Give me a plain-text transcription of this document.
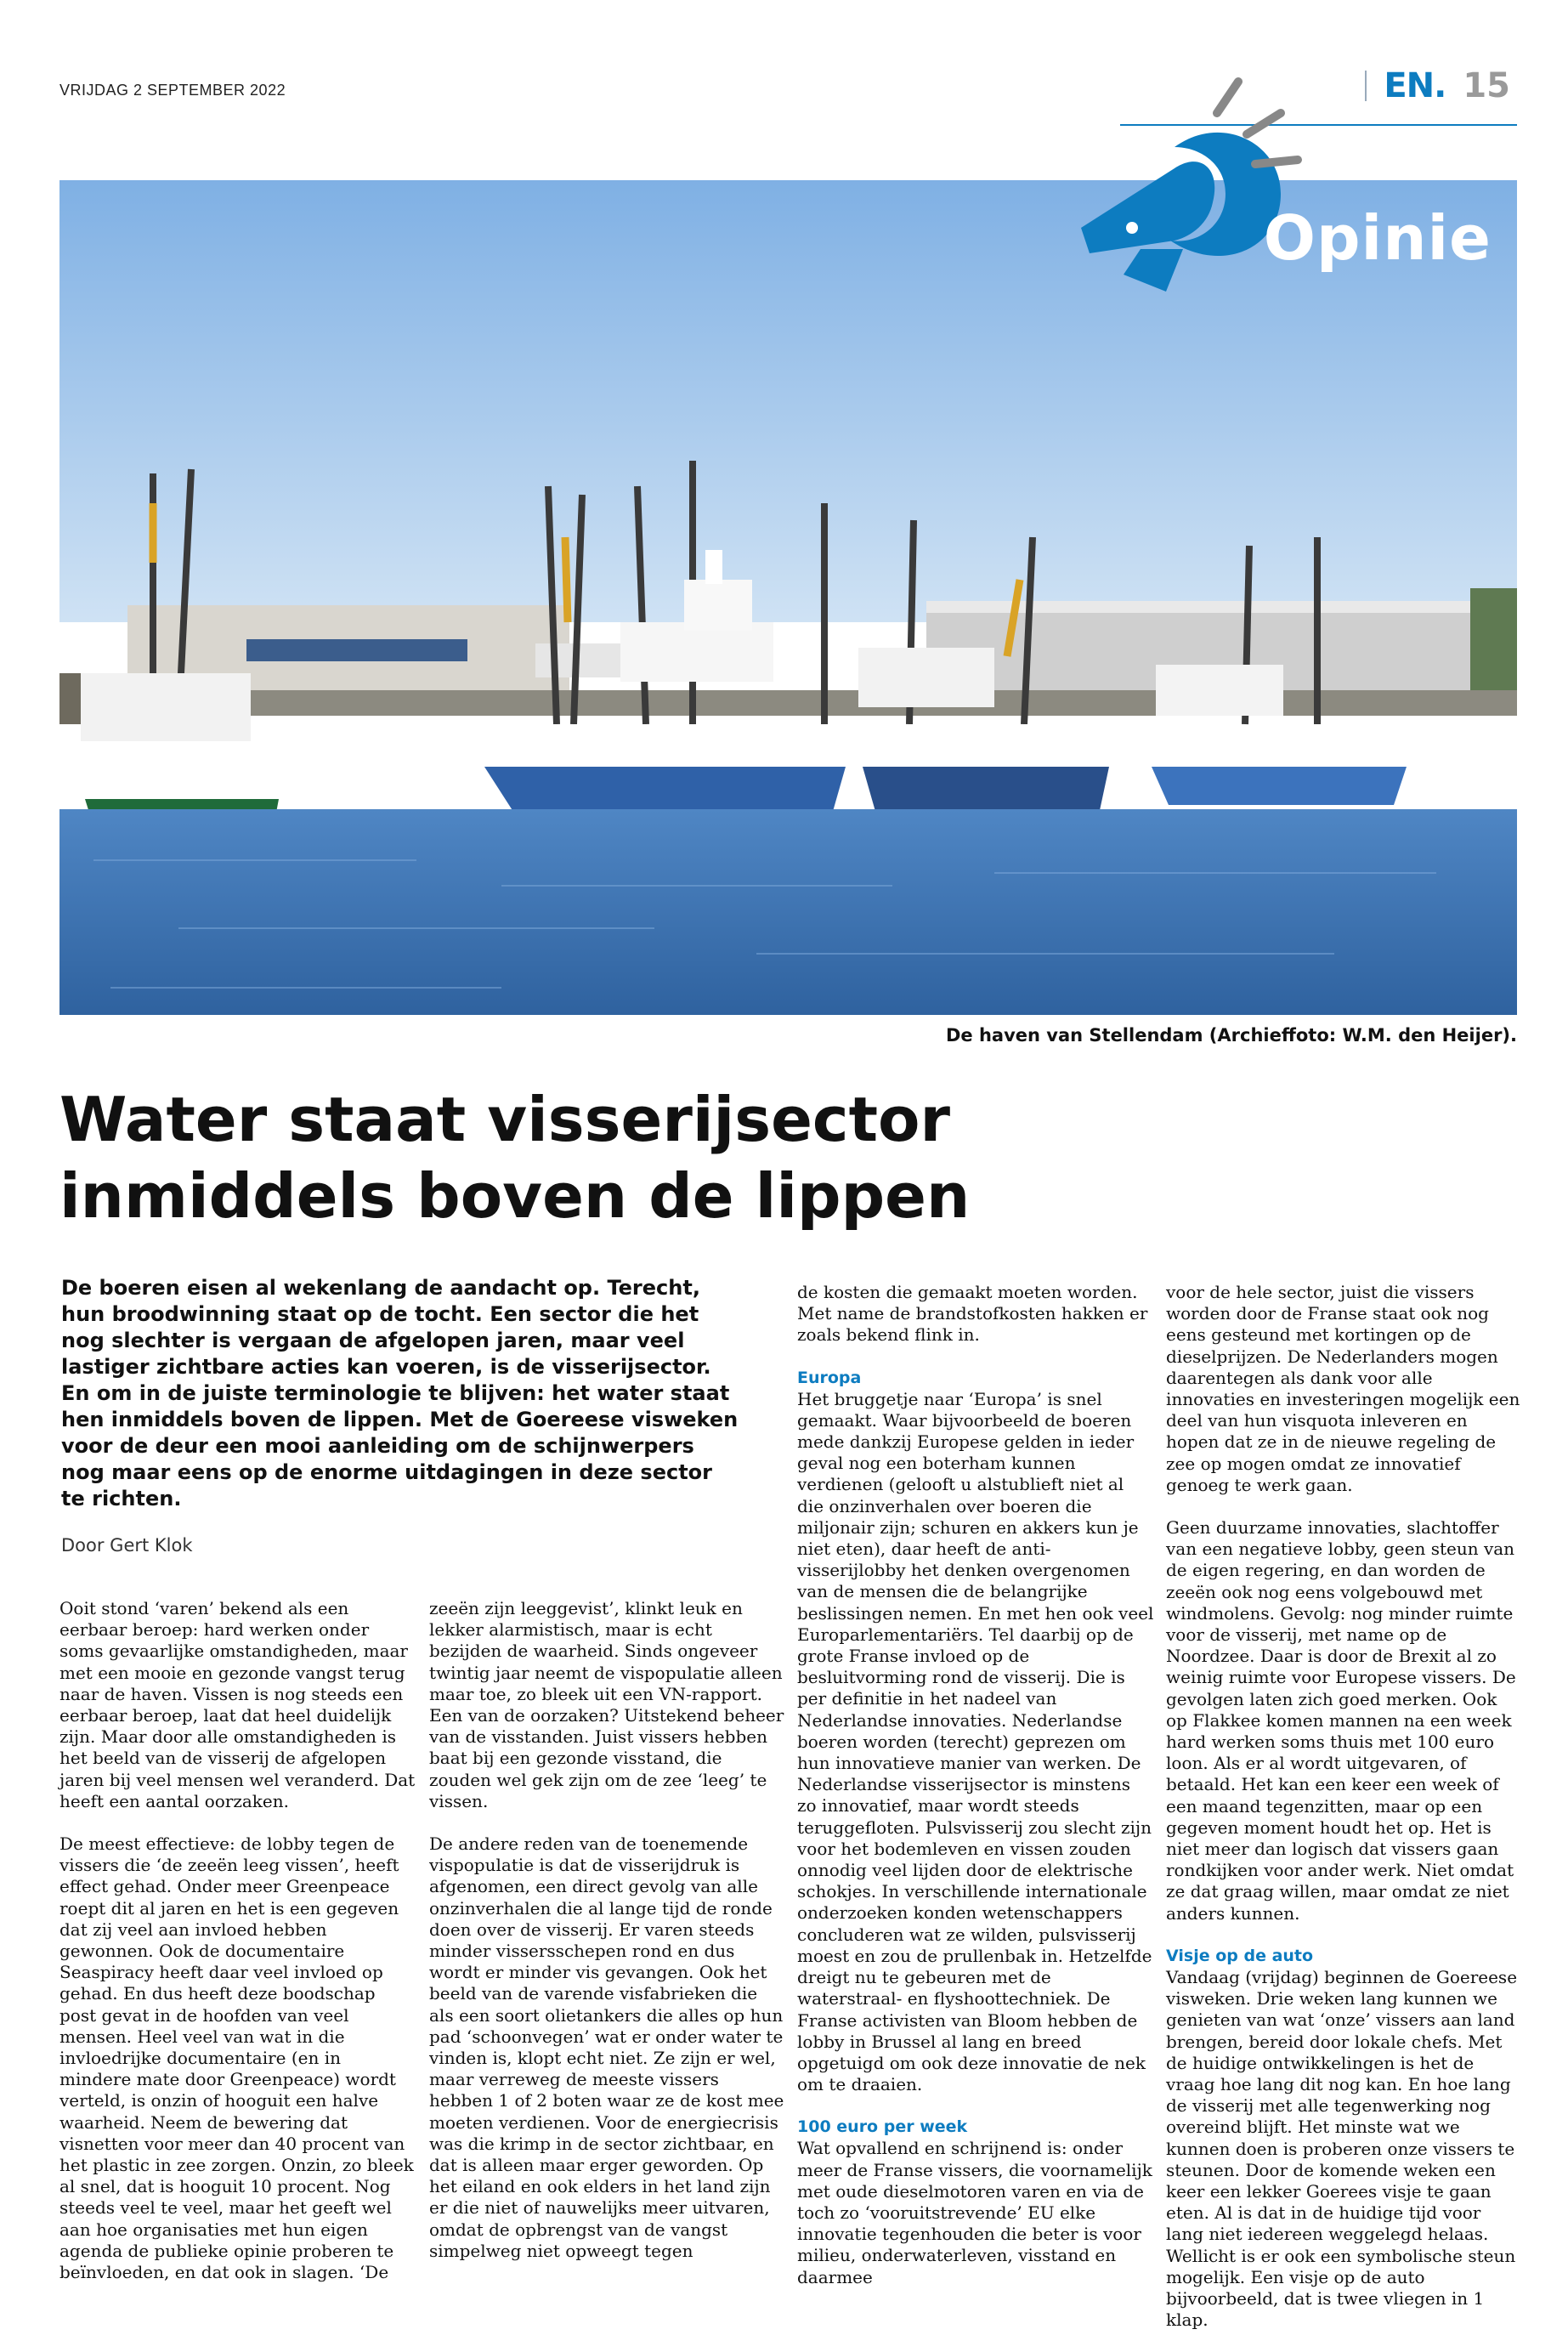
VRIJDAG 2 SEPTEMBER 2022	EN. 15
Opinie
De haven van Stellendam (Archieffoto: W.M. den Heijer).
Water staat visserijsector
inmiddels boven de lippen

De boeren eisen al wekenlang de aandacht op. Terecht, hun broodwinning staat op de tocht. Een sector die het nog slechter is vergaan de afgelopen jaren, maar veel lastiger zichtbare acties kan voeren, is de visserijsector. En om in de juiste terminologie te blijven: het water staat hen inmiddels boven de lippen. Met de Goereese visweken voor de deur een mooi aanleiding om de schijnwerpers nog maar eens op de enorme uitdagingen in deze sector te richten.

Door Gert Klok

Ooit stond ‘varen’ bekend als een eerbaar beroep: hard werken onder soms gevaarlijke omstandigheden, maar met een mooie en gezonde vangst terug naar de haven. Vissen is nog steeds een eerbaar beroep, laat dat heel duidelijk zijn. Maar door alle omstandigheden is het beeld van de visserij de afgelopen jaren bij veel mensen wel veranderd. Dat heeft een aantal oorzaken.

De meest effectieve: de lobby tegen de vissers die ‘de zeeën leeg vissen’, heeft effect gehad. Onder meer Greenpeace roept dit al jaren en het is een gegeven dat zij veel aan invloed hebben gewonnen. Ook de documentaire Seaspiracy heeft daar veel invloed op gehad. En dus heeft deze boodschap post gevat in de hoofden van veel mensen. Heel veel van wat in die invloedrijke documentaire (en in mindere mate door Greenpeace) wordt verteld, is onzin of hooguit een halve waarheid. Neem de bewering dat visnetten voor meer dan 40 procent van het plastic in zee zorgen. Onzin, zo bleek al snel, dat is hooguit 10 procent. Nog steeds veel te veel, maar het geeft wel aan hoe organisaties met hun eigen agenda de publieke opinie proberen te beïnvloeden, en dat ook in slagen. ‘De

zeeën zijn leeggevist’, klinkt leuk en lekker alarmistisch, maar is echt bezijden de waarheid. Sinds ongeveer twintig jaar neemt de vispopulatie alleen maar toe, zo bleek uit een VN-rapport. Een van de oorzaken? Uitstekend beheer van de visstanden. Juist vissers hebben baat bij een gezonde visstand, die zouden wel gek zijn om de zee ‘leeg’ te vissen.

De andere reden van de toenemende vispopulatie is dat de visserijdruk is afgenomen, een direct gevolg van alle onzinverhalen die al lange tijd de ronde doen over de visserij. Er varen steeds minder vissersschepen rond en dus wordt er minder vis gevangen. Ook het beeld van de varende visfabrieken die als een soort olietankers die alles op hun pad ‘schoonvegen’ wat er onder water te vinden is, klopt echt niet. Ze zijn er wel, maar verreweg de meeste vissers hebben 1 of 2 boten waar ze de kost mee moeten verdienen. Voor de energiecrisis was die krimp in de sector zichtbaar, en dat is alleen maar erger geworden. Op het eiland en ook elders in het land zijn er die niet of nauwelijks meer uitvaren, omdat de opbrengst van de vangst simpelweg niet opweegt tegen

de kosten die gemaakt moeten worden. Met name de brandstofkosten hakken er zoals bekend flink in.

Europa

Het bruggetje naar ‘Europa’ is snel gemaakt. Waar bijvoorbeeld de boeren mede dankzij Europese gelden in ieder geval nog een boterham kunnen verdienen (gelooft u alstublieft niet al die onzinverhalen over boeren die miljonair zijn; schuren en akkers kun je niet eten), daar heeft de anti-visserijlobby het denken overgenomen van de mensen die de belangrijke beslissingen nemen. En met hen ook veel Europarlementariërs. Tel daarbij op de grote Franse invloed op de besluitvorming rond de visserij. Die is per definitie in het nadeel van Nederlandse innovaties. Nederlandse boeren worden (terecht) geprezen om hun innovatieve manier van werken. De Nederlandse visserijsector is minstens zo innovatief, maar wordt steeds teruggefloten. Pulsvisserij zou slecht zijn voor het bodemleven en vissen zouden onnodig veel lijden door de elektrische schokjes. In verschillende internationale onderzoeken konden wetenschappers concluderen wat ze wilden, pulsvisserij moest en zou de prullenbak in. Hetzelfde dreigt nu te gebeuren met de waterstraal- en flyshoottechniek. De Franse activisten van Bloom hebben de lobby in Brussel al lang en breed opgetuigd om ook deze innovatie de nek om te draaien.

100 euro per week

Wat opvallend en schrijnend is: onder meer de Franse vissers, die voornamelijk met oude dieselmotoren varen en via de toch zo ‘vooruitstrevende’ EU elke innovatie tegenhouden die beter is voor milieu, onderwaterleven, visstand en daarmee

voor de hele sector, juist die vissers worden door de Franse staat ook nog eens gesteund met kortingen op de dieselprijzen. De Nederlanders mogen daarentegen als dank voor alle innovaties en investeringen mogelijk een deel van hun visquota inleveren en hopen dat ze in de nieuwe regeling de zee op mogen omdat ze innovatief genoeg te werk gaan.

Geen duurzame innovaties, slachtoffer van een negatieve lobby, geen steun van de eigen regering, en dan worden de zeeën ook nog eens volgebouwd met windmolens. Gevolg: nog minder ruimte voor de visserij, met name op de Noordzee. Daar is door de Brexit al zo weinig ruimte voor Europese vissers. De gevolgen laten zich goed merken. Ook op Flakkee komen mannen na een week hard werken soms thuis met 100 euro loon. Als er al wordt uitgevaren, of betaald. Het kan een keer een week of een maand tegenzitten, maar op een gegeven moment houdt het op. Het is niet meer dan logisch dat vissers gaan rondkijken voor ander werk. Niet omdat ze dat graag willen, maar omdat ze niet anders kunnen.

Visje op de auto

Vandaag (vrijdag) beginnen de Goereese visweken. Drie weken lang kunnen we genieten van wat ‘onze’ vissers aan land brengen, bereid door lokale chefs. Met de huidige ontwikkelingen is het de vraag hoe lang dit nog kan. En hoe lang de visserij met alle tegenwerking nog overeind blijft. Het minste wat we kunnen doen is proberen onze vissers te steunen. Door de komende weken een keer een lekker Goerees visje te gaan eten. Al is dat in de huidige tijd voor lang niet iedereen weggelegd helaas. Wellicht is er ook een symbolische steun mogelijk. Een visje op de auto bijvoorbeeld, dat is twee vliegen in 1 klap.
